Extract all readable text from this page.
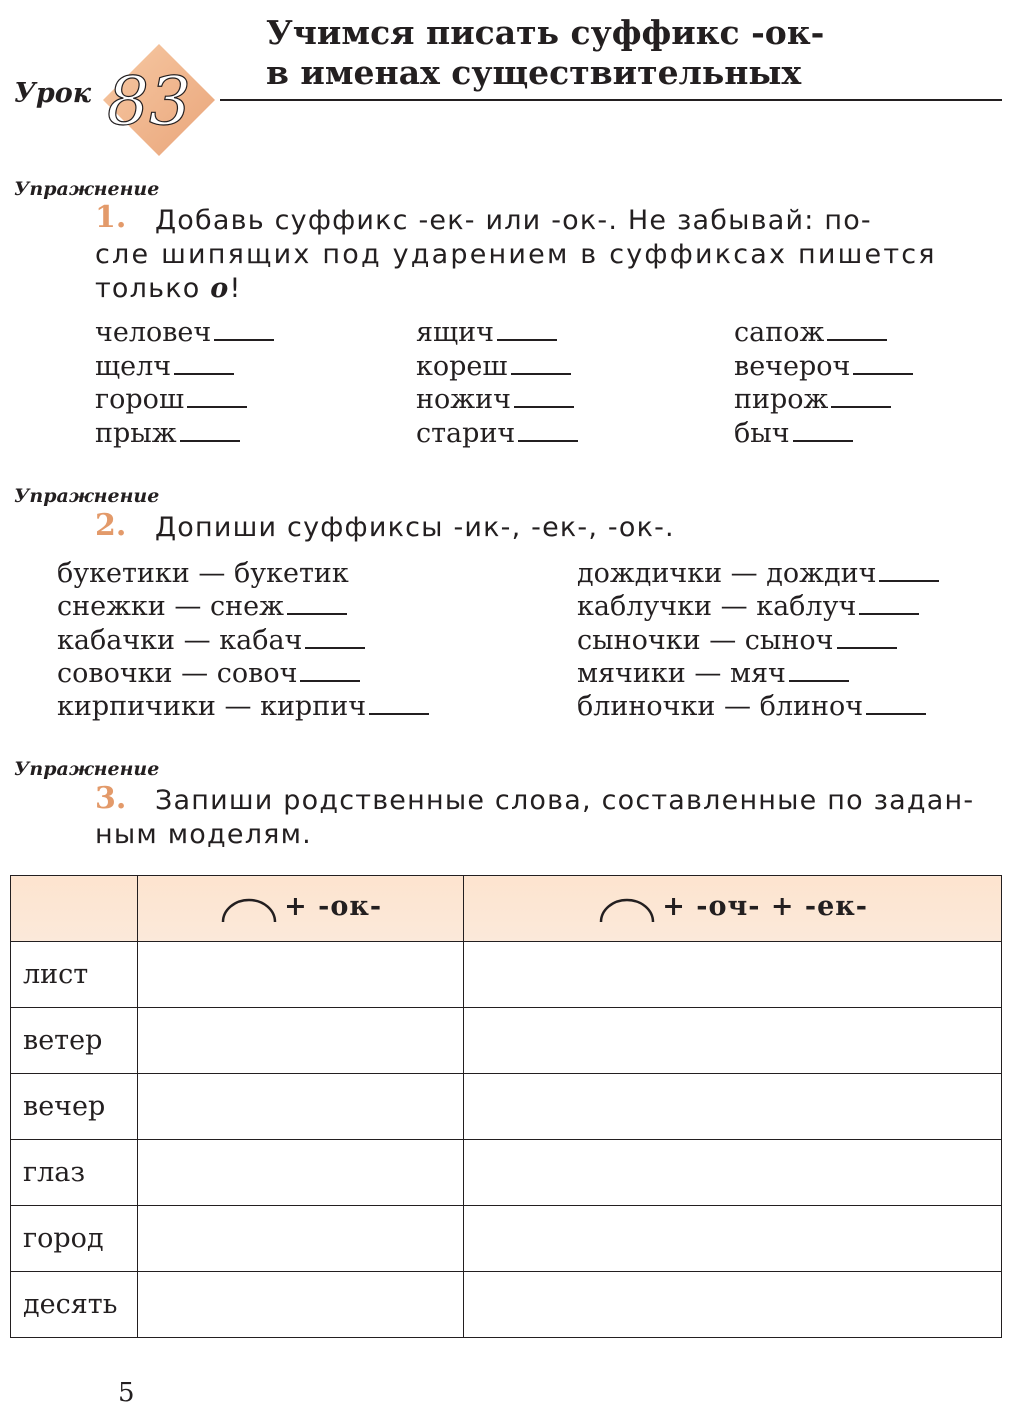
Урок 83
Учимся писать суффикс -ок-
в именах существительных
Упражнение
1. Добавь суффикс -ек- или -ок-. Не забывай: по-
сле шипящих под ударением в суффиксах пишется
только о!
человеч
щелч
горош
прыж
ящич
кореш
ножич
старич
сапож
вечероч
пирож
быч
Упражнение
2. Допиши суффиксы -ик-, -ек-, -ок-.
букетики — букетик
снежки — снеж
кабачки — кабач
совочки — совоч
кирпичики — кирпич
дождички — дождич
каблучки — каблуч
сыночки — сыноч
мячики — мяч
блиночки — блиноч
Упражнение
3. Запиши родственные слова, составленные по задан-
ным моделям.
	+ -ок-	+ -оч- + -ек-
лист		
ветер		
вечер		
глаз		
город		
десять		
5
